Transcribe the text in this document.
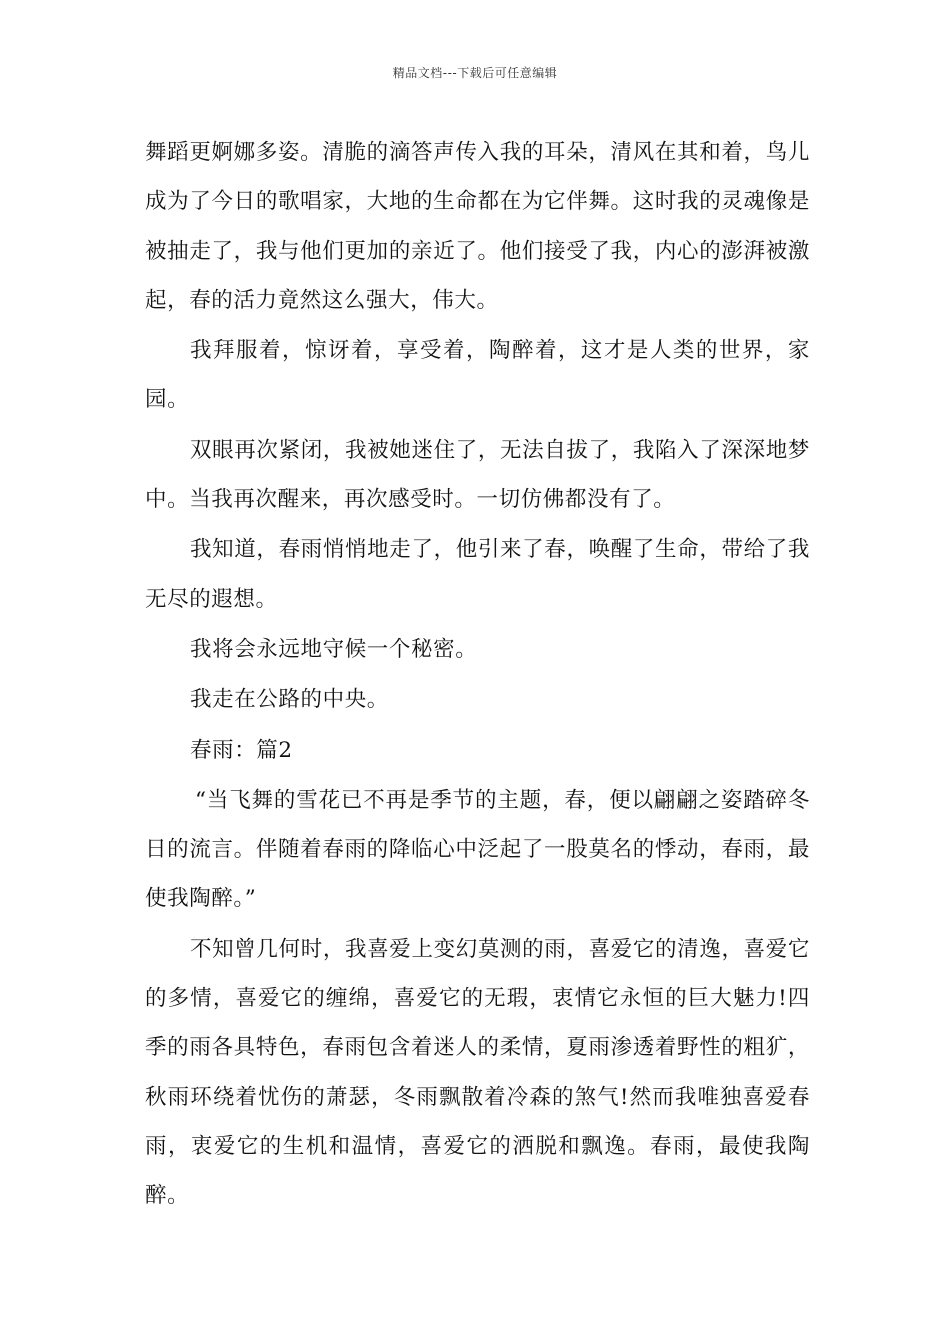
精品文档---下载后可任意编辑

舞蹈更婀娜多姿。清脆的滴答声传入我的耳朵，清风在其和着，鸟儿成为了今日的歌唱家，大地的生命都在为它伴舞。这时我的灵魂像是被抽走了，我与他们更加的亲近了。他们接受了我，内心的澎湃被激起，春的活力竟然这么强大，伟大。

我拜服着，惊讶着，享受着，陶醉着，这才是人类的世界，家园。

双眼再次紧闭，我被她迷住了，无法自拔了，我陷入了深深地梦中。当我再次醒来，再次感受时。一切仿佛都没有了。

我知道，春雨悄悄地走了，他引来了春，唤醒了生命，带给了我无尽的遐想。

我将会永远地守候一个秘密。

我走在公路的中央。

春雨：篇2

“当飞舞的雪花已不再是季节的主题，春，便以翩翩之姿踏碎冬日的流言。伴随着春雨的降临心中泛起了一股莫名的悸动，春雨，最使我陶醉。”

不知曾几何时，我喜爱上变幻莫测的雨，喜爱它的清逸，喜爱它的多情，喜爱它的缠绵，喜爱它的无瑕，衷情它永恒的巨大魅力!四季的雨各具特色，春雨包含着迷人的柔情，夏雨渗透着野性的粗犷，秋雨环绕着忧伤的萧瑟，冬雨飘散着冷森的煞气!然而我唯独喜爱春雨，衷爱它的生机和温情，喜爱它的洒脱和飘逸。春雨，最使我陶醉。
